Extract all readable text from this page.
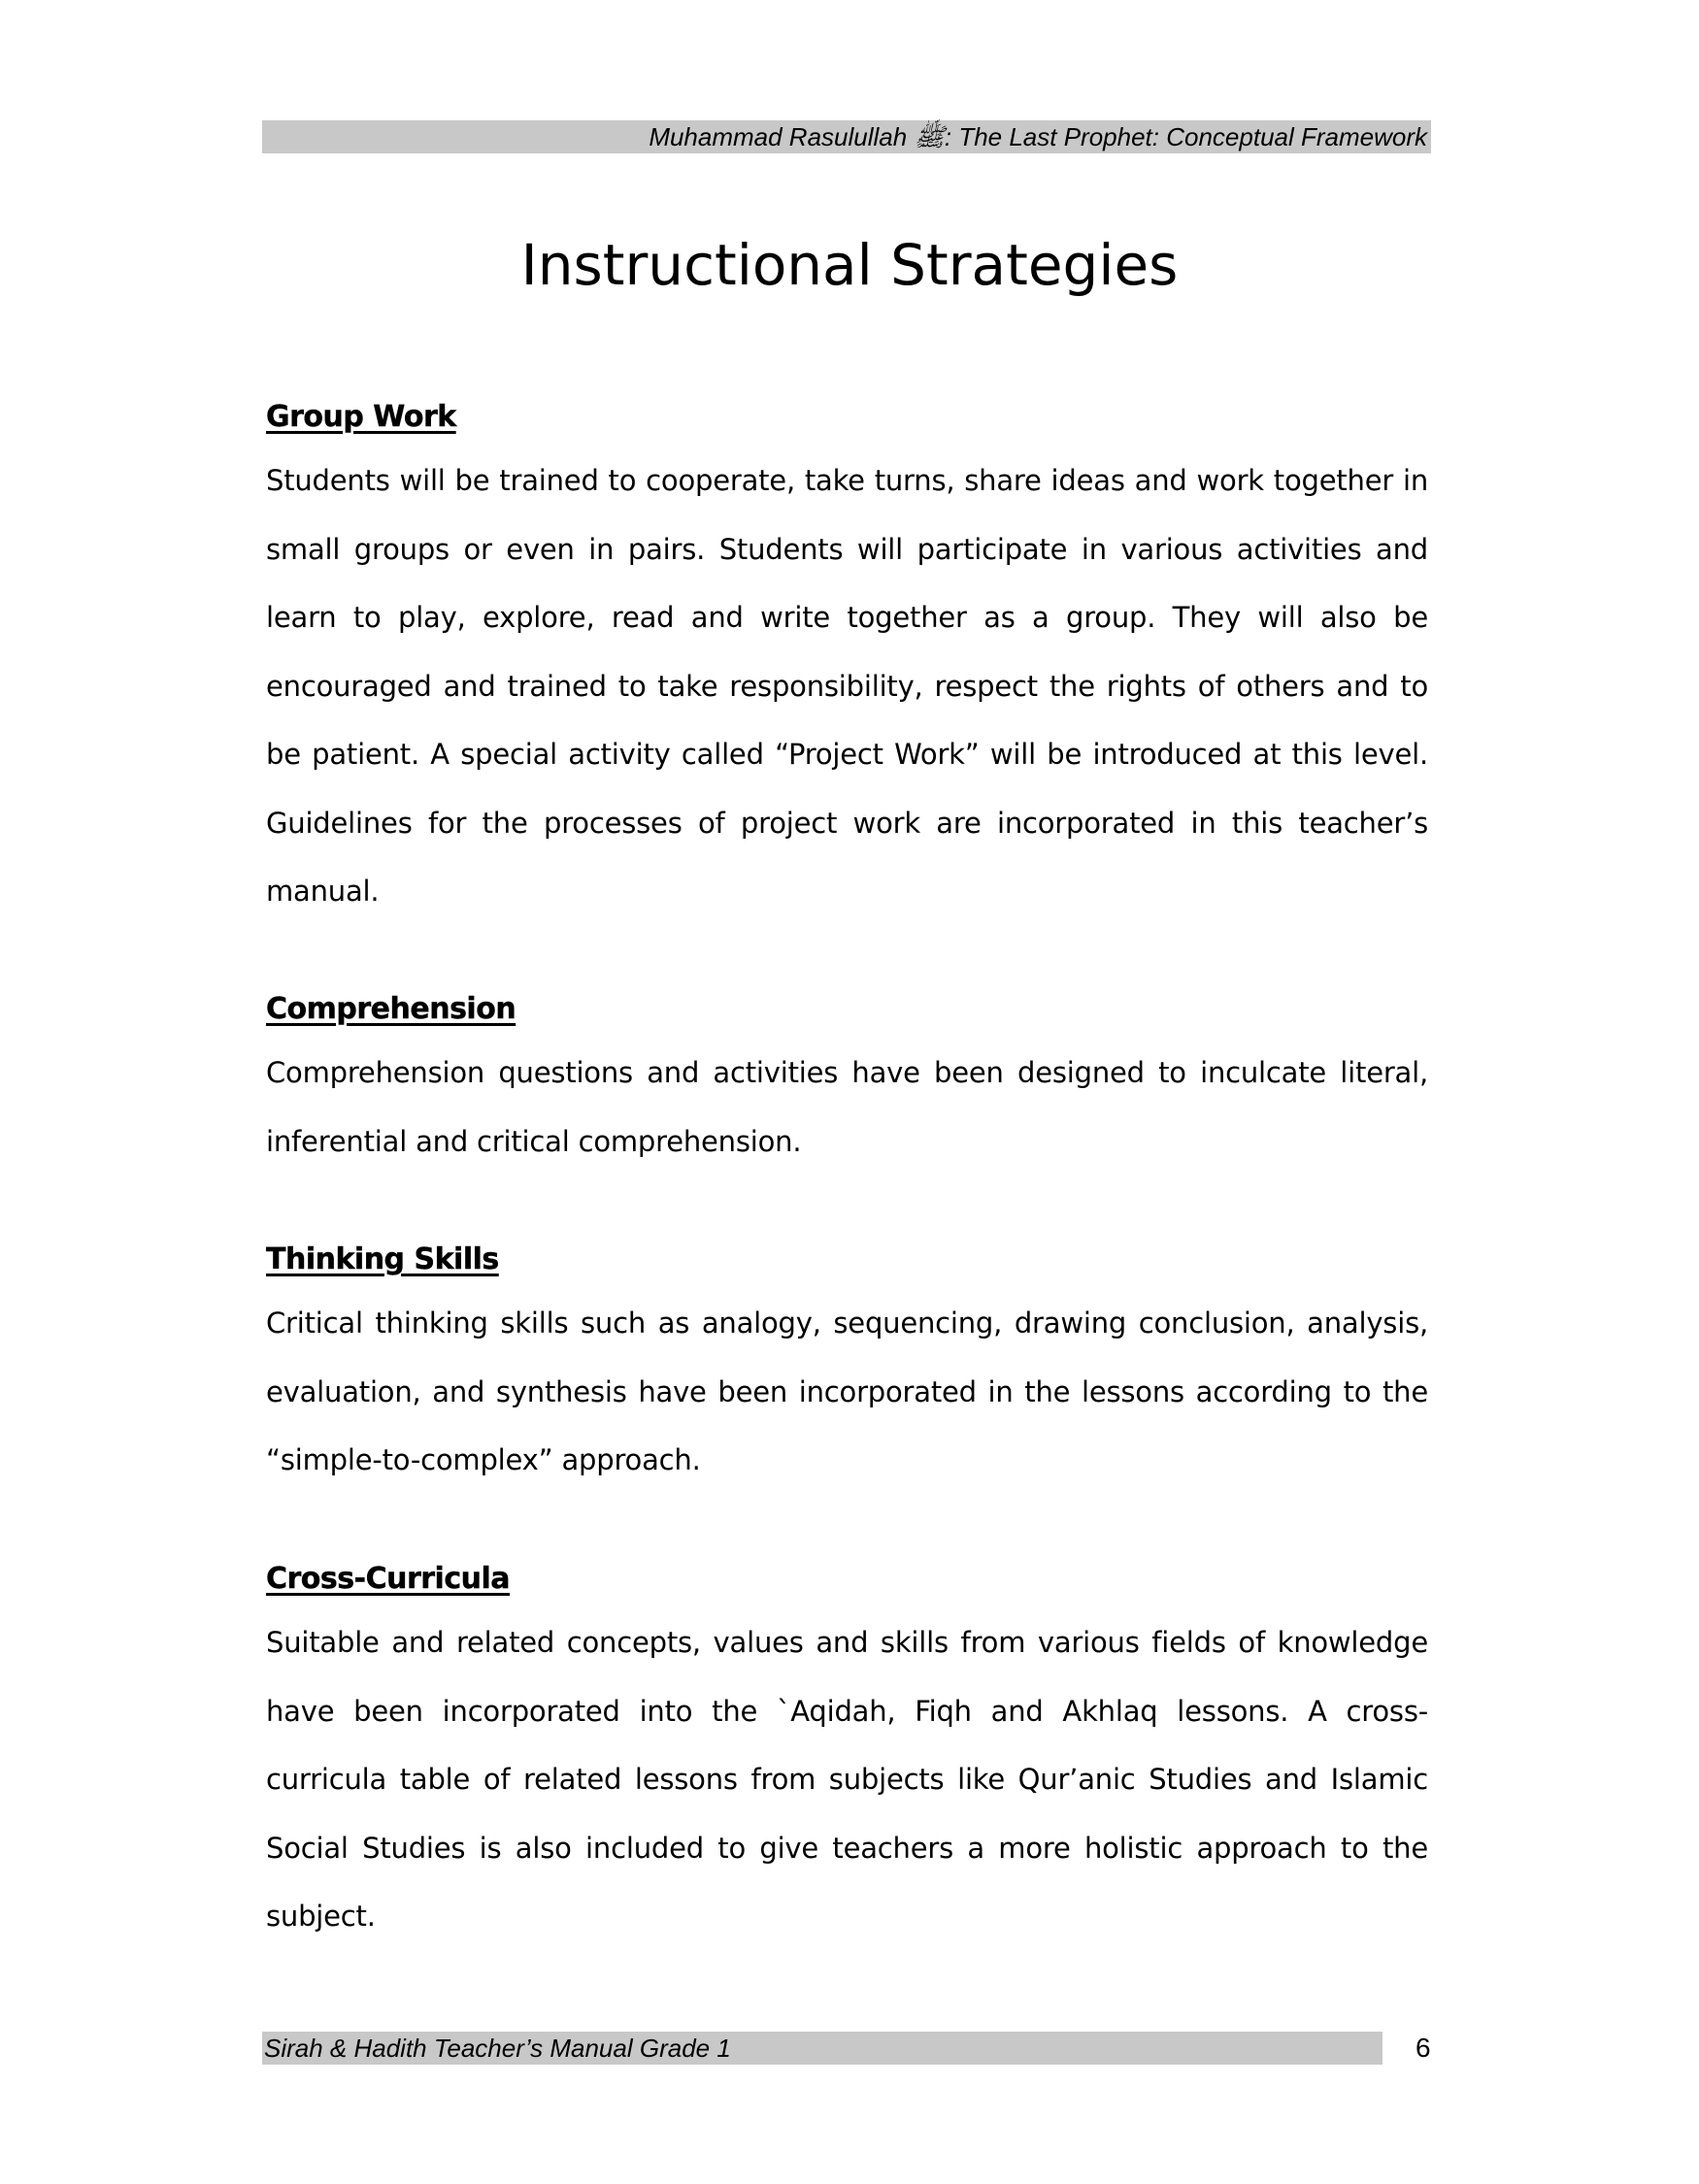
Muhammad Rasulullah ﷺ: The Last Prophet: Conceptual Framework
Instructional Strategies
Group Work

Students will be trained to cooperate, take turns, share ideas and work together in small groups or even in pairs. Students will participate in various activities and learn to play, explore, read and write together as a group. They will also be encouraged and trained to take responsibility, respect the rights of others and to be patient. A special activity called “Project Work” will be introduced at this level. Guidelines for the processes of project work are incorporated in this teacher’s manual.

Comprehension

Comprehension questions and activities have been designed to inculcate literal, inferential and critical comprehension.

Thinking Skills

Critical thinking skills such as analogy, sequencing, drawing conclusion, analysis, evaluation, and synthesis have been incorporated in the lessons according to the “simple-to-complex” approach.

Cross-Curricula

Suitable and related concepts, values and skills from various fields of knowledge have been incorporated into the `Aqidah, Fiqh and Akhlaq lessons. A cross-curricula table of related lessons from subjects like Qur’anic Studies and Islamic Social Studies is also included to give teachers a more holistic approach to the subject.

Sirah & Hadith Teacher’s Manual Grade 1	6
